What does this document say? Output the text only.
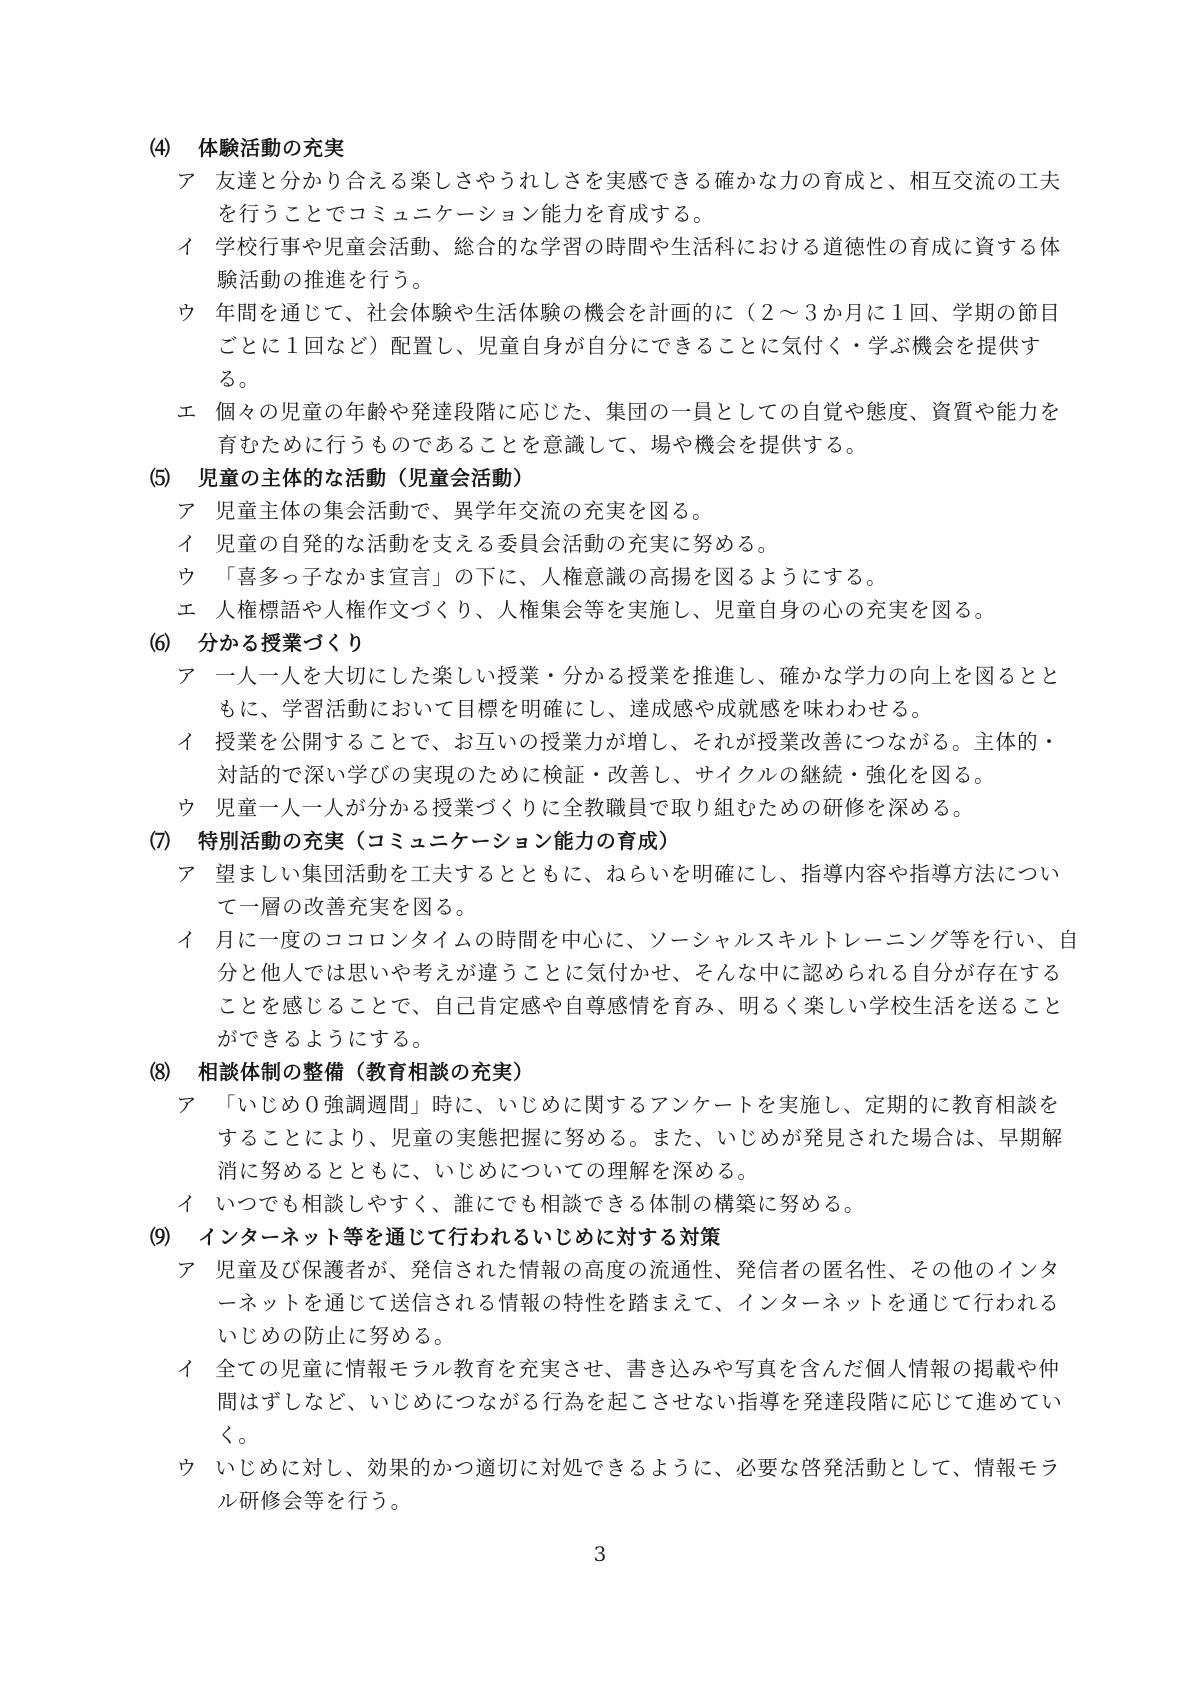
⑷ 体験活動の充実
ア 友達と分かり合える楽しさやうれしさを実感できる確かな力の育成と、相互交流の工夫を行うことでコミュニケーション能力を育成する。
イ 学校行事や児童会活動、総合的な学習の時間や生活科における道徳性の育成に資する体験活動の推進を行う。
ウ 年間を通じて、社会体験や生活体験の機会を計画的に（２～３か月に１回、学期の節目ごとに１回など）配置し、児童自身が自分にできることに気付く・学ぶ機会を提供する。
エ 個々の児童の年齢や発達段階に応じた、集団の一員としての自覚や態度、資質や能力を育むために行うものであることを意識して、場や機会を提供する。
⑸ 児童の主体的な活動（児童会活動）
ア 児童主体の集会活動で、異学年交流の充実を図る。
イ 児童の自発的な活動を支える委員会活動の充実に努める。
ウ 「喜多っ子なかま宣言」の下に、人権意識の高揚を図るようにする。
エ 人権標語や人権作文づくり、人権集会等を実施し、児童自身の心の充実を図る。
⑹ 分かる授業づくり
ア 一人一人を大切にした楽しい授業・分かる授業を推進し、確かな学力の向上を図るとともに、学習活動において目標を明確にし、達成感や成就感を味わわせる。
イ 授業を公開することで、お互いの授業力が増し、それが授業改善につながる。主体的・対話的で深い学びの実現のために検証・改善し、サイクルの継続・強化を図る。
ウ 児童一人一人が分かる授業づくりに全教職員で取り組むための研修を深める。
⑺ 特別活動の充実（コミュニケーション能力の育成）
ア 望ましい集団活動を工夫するとともに、ねらいを明確にし、指導内容や指導方法について一層の改善充実を図る。
イ 月に一度のココロンタイムの時間を中心に、ソーシャルスキルトレーニング等を行い、自分と他人では思いや考えが違うことに気付かせ、そんな中に認められる自分が存在することを感じることで、自己肯定感や自尊感情を育み、明るく楽しい学校生活を送ることができるようにする。
⑻ 相談体制の整備（教育相談の充実）
ア 「いじめ０強調週間」時に、いじめに関するアンケートを実施し、定期的に教育相談をすることにより、児童の実態把握に努める。また、いじめが発見された場合は、早期解消に努めるとともに、いじめについての理解を深める。
イ いつでも相談しやすく、誰にでも相談できる体制の構築に努める。
⑼ インターネット等を通じて行われるいじめに対する対策
ア 児童及び保護者が、発信された情報の高度の流通性、発信者の匿名性、その他のインターネットを通じて送信される情報の特性を踏まえて、インターネットを通じて行われるいじめの防止に努める。
イ 全ての児童に情報モラル教育を充実させ、書き込みや写真を含んだ個人情報の掲載や仲間はずしなど、いじめにつながる行為を起こさせない指導を発達段階に応じて進めていく。
ウ いじめに対し、効果的かつ適切に対処できるように、必要な啓発活動として、情報モラル研修会等を行う。
3
